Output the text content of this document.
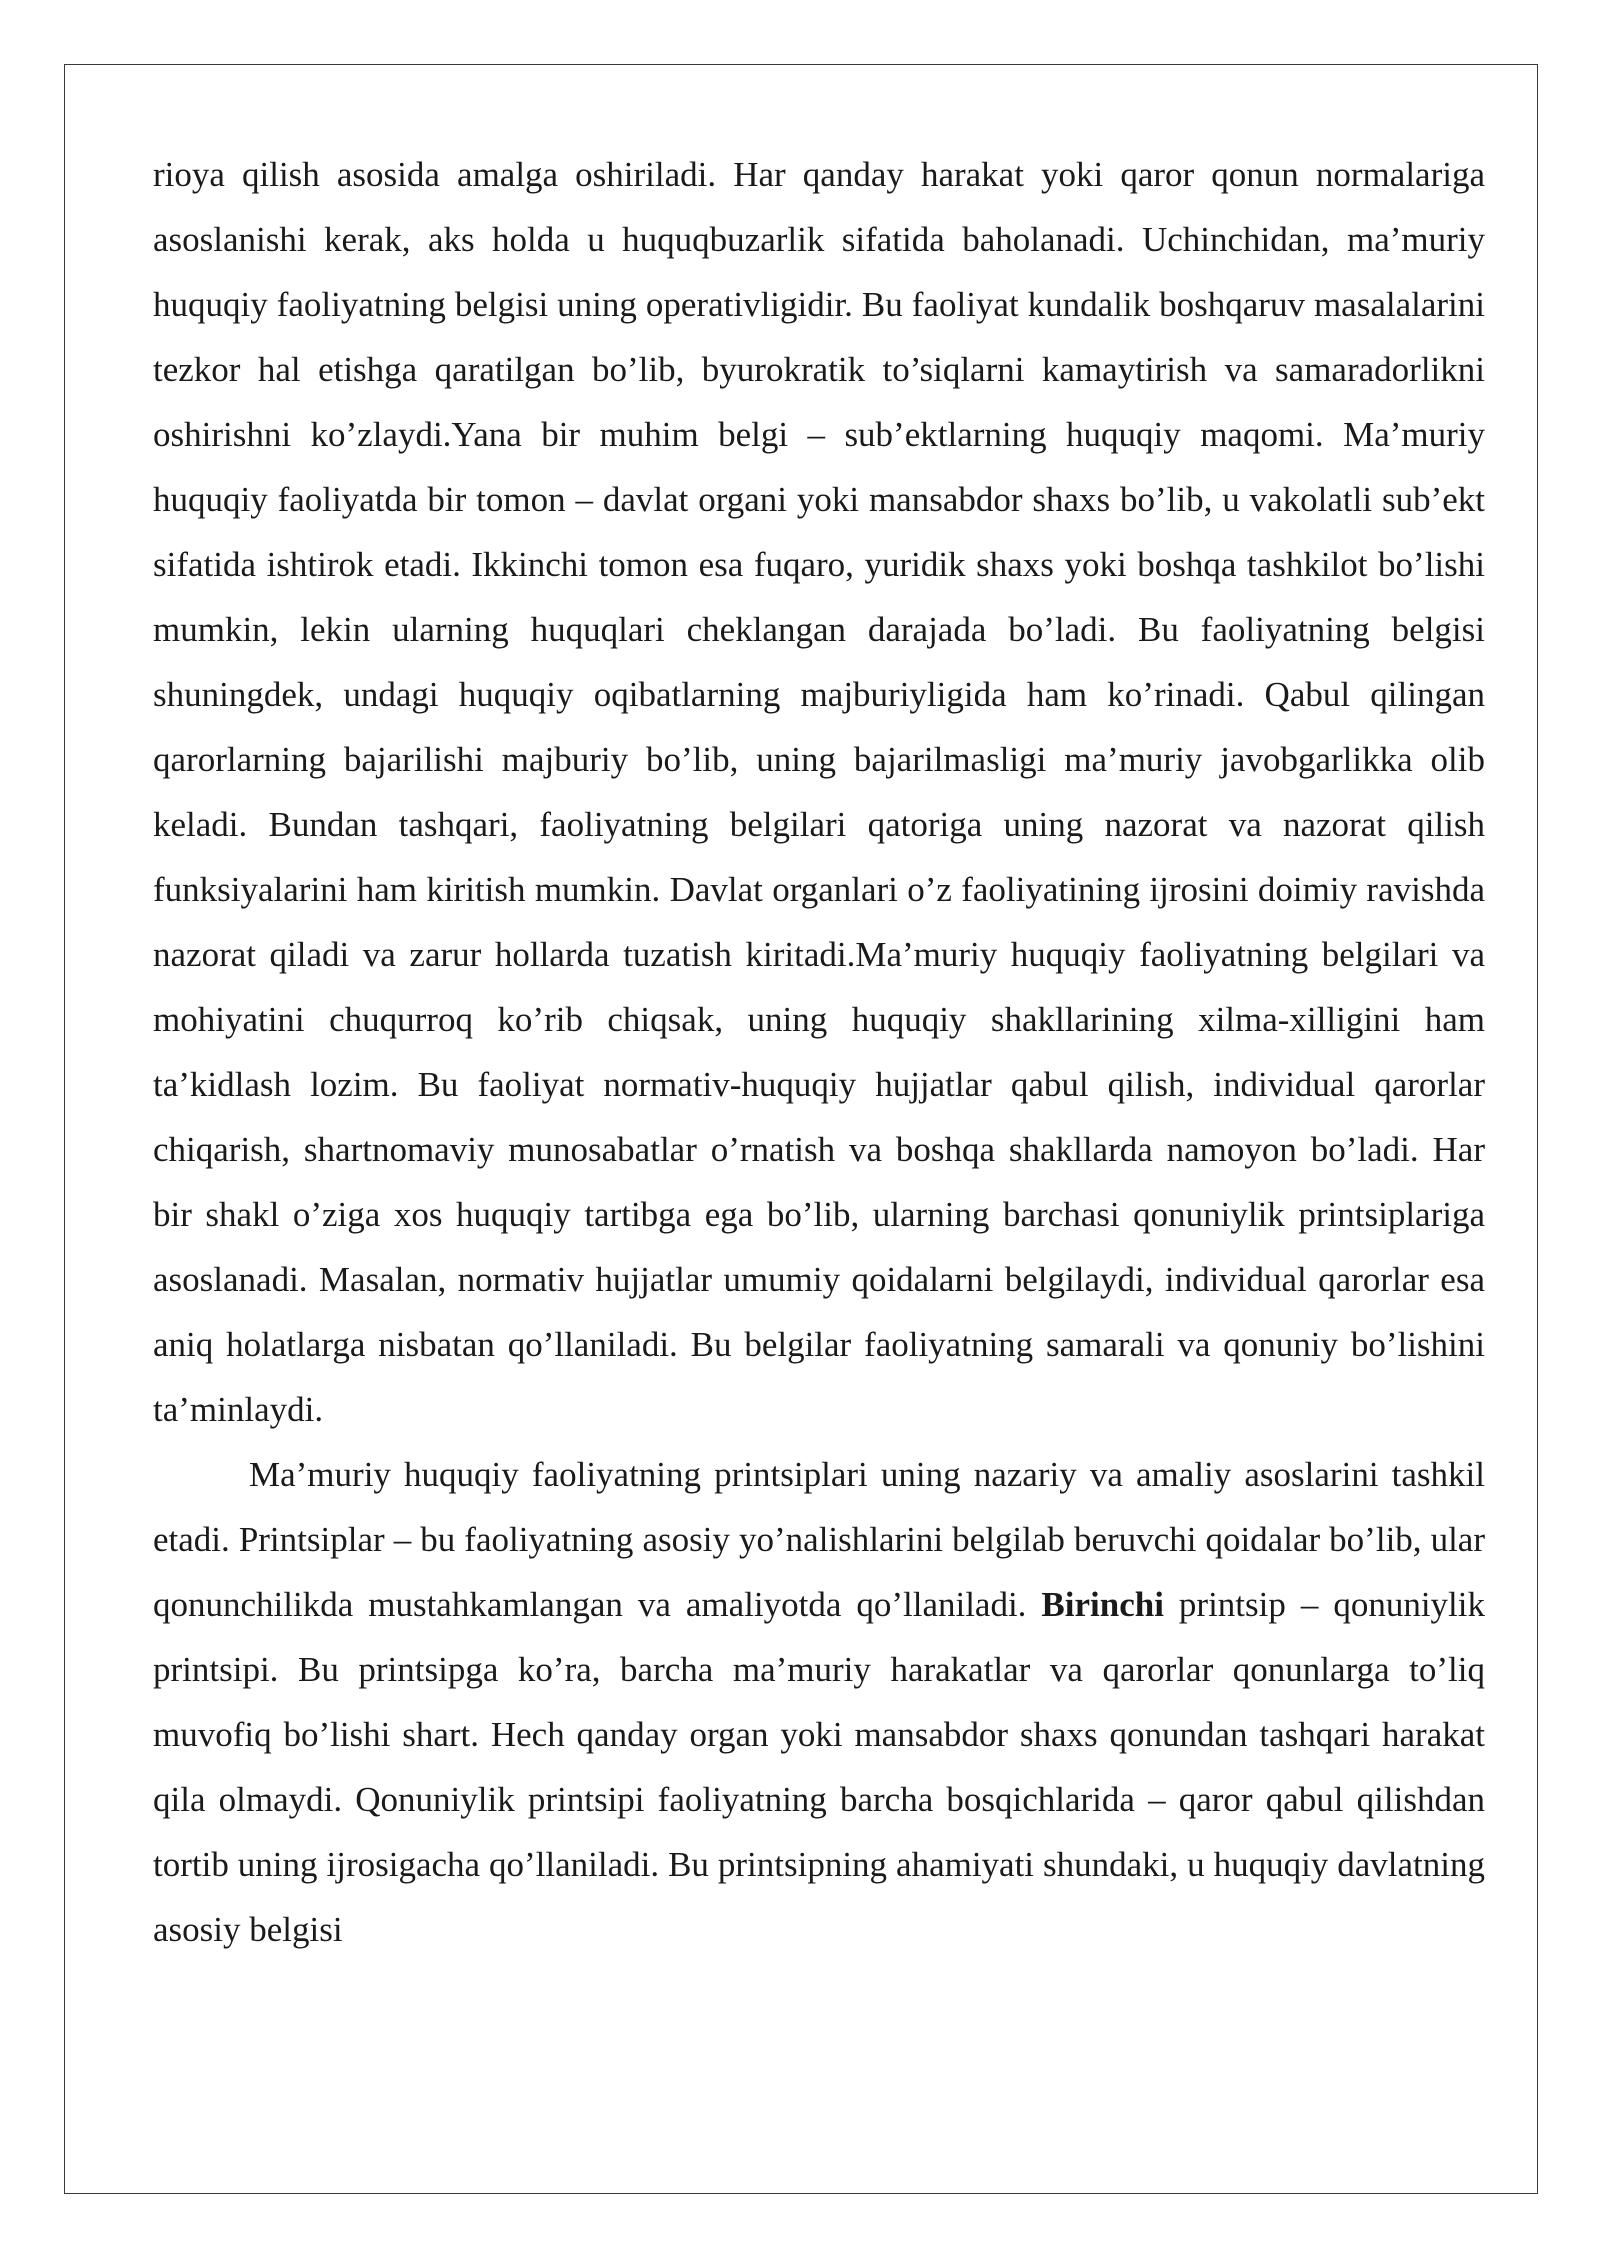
rioya qilish asosida amalga oshiriladi. Har qanday harakat yoki qaror qonun normalariga asoslanishi kerak, aks holda u huquqbuzarlik sifatida baholanadi. Uchinchidan, ma’muriy huquqiy faoliyatning belgisi uning operativligidir. Bu faoliyat kundalik boshqaruv masalalarini tezkor hal etishga qaratilgan bo’lib, byurokratik to’siqlarni kamaytirish va samaradorlikni oshirishni ko’zlaydi.Yana bir muhim belgi – sub’ektlarning huquqiy maqomi. Ma’muriy huquqiy faoliyatda bir tomon – davlat organi yoki mansabdor shaxs bo’lib, u vakolatli sub’ekt sifatida ishtirok etadi. Ikkinchi tomon esa fuqaro, yuridik shaxs yoki boshqa tashkilot bo’lishi mumkin, lekin ularning huquqlari cheklangan darajada bo’ladi. Bu faoliyatning belgisi shuningdek, undagi huquqiy oqibatlarning majburiyligida ham ko’rinadi. Qabul qilingan qarorlarning bajarilishi majburiy bo’lib, uning bajarilmasligi ma’muriy javobgarlikka olib keladi. Bundan tashqari, faoliyatning belgilari qatoriga uning nazorat va nazorat qilish funksiyalarini ham kiritish mumkin. Davlat organlari o’z faoliyatining ijrosini doimiy ravishda nazorat qiladi va zarur hollarda tuzatish kiritadi.Ma’muriy huquqiy faoliyatning belgilari va mohiyatini chuqurroq ko’rib chiqsak, uning huquqiy shakllarining xilma-xilligini ham ta’kidlash lozim. Bu faoliyat normativ-huquqiy hujjatlar qabul qilish, individual qarorlar chiqarish, shartnomaviy munosabatlar o’rnatish va boshqa shakllarda namoyon bo’ladi. Har bir shakl o’ziga xos huquqiy tartibga ega bo’lib, ularning barchasi qonuniylik printsiplariga asoslanadi. Masalan, normativ hujjatlar umumiy qoidalarni belgilaydi, individual qarorlar esa aniq holatlarga nisbatan qo’llaniladi. Bu belgilar faoliyatning samarali va qonuniy bo’lishini ta’minlaydi.

Ma’muriy huquqiy faoliyatning printsiplari uning nazariy va amaliy asoslarini tashkil etadi. Printsiplar – bu faoliyatning asosiy yo’nalishlarini belgilab beruvchi qoidalar bo’lib, ular qonunchilikda mustahkamlangan va amaliyotda qo’llaniladi. Birinchi printsip – qonuniylik printsipi. Bu printsipga ko’ra, barcha ma’muriy harakatlar va qarorlar qonunlarga to’liq muvofiq bo’lishi shart. Hech qanday organ yoki mansabdor shaxs qonundan tashqari harakat qila olmaydi. Qonuniylik printsipi faoliyatning barcha bosqichlarida – qaror qabul qilishdan tortib uning ijrosigacha qo’llaniladi. Bu printsipning ahamiyati shundaki, u huquqiy davlatning asosiy belgisi
